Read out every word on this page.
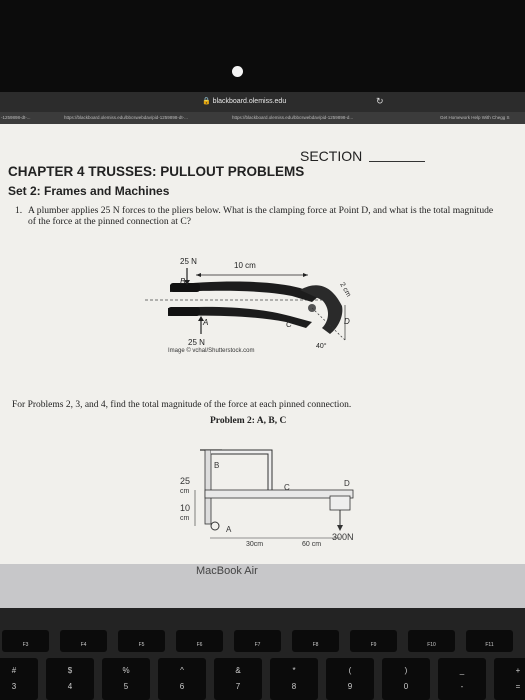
🔒 blackboard.olemiss.edu	↻
-1259898-dt-...	https://blackboard.olemiss.edu/bbcswebdav/pid-1259898-dt-...	https://blackboard.olemiss.edu/bbcswebdav/pid-1259898-d...	Get Homework Help With Chegg S
SECTION
CHAPTER 4 TRUSSES: PULLOUT PROBLEMS
Set 2: Frames and Machines
1. A plumber applies 25 N forces to the pliers below. What is the clamping force at Point D, and what is the total magnitude of the force at the pinned connection at C?
25 N	10 cm
B
A	C	D
2 cm
40°
25 N
Image © vchal/Shutterstock.com
For Problems 2, 3, and 4, find the total magnitude of the force at each pinned connection.
Problem 2: A, B, C
B
C	D
A
25
cm
10
cm
30cm	60 cm
300N
MacBook Air
F3	F4	F5	F6	F7	F8	F9	F10	F11
#
3
$
4
%
5
^
6
&
7
*
8
(
9
)
0
_
-
+
=
